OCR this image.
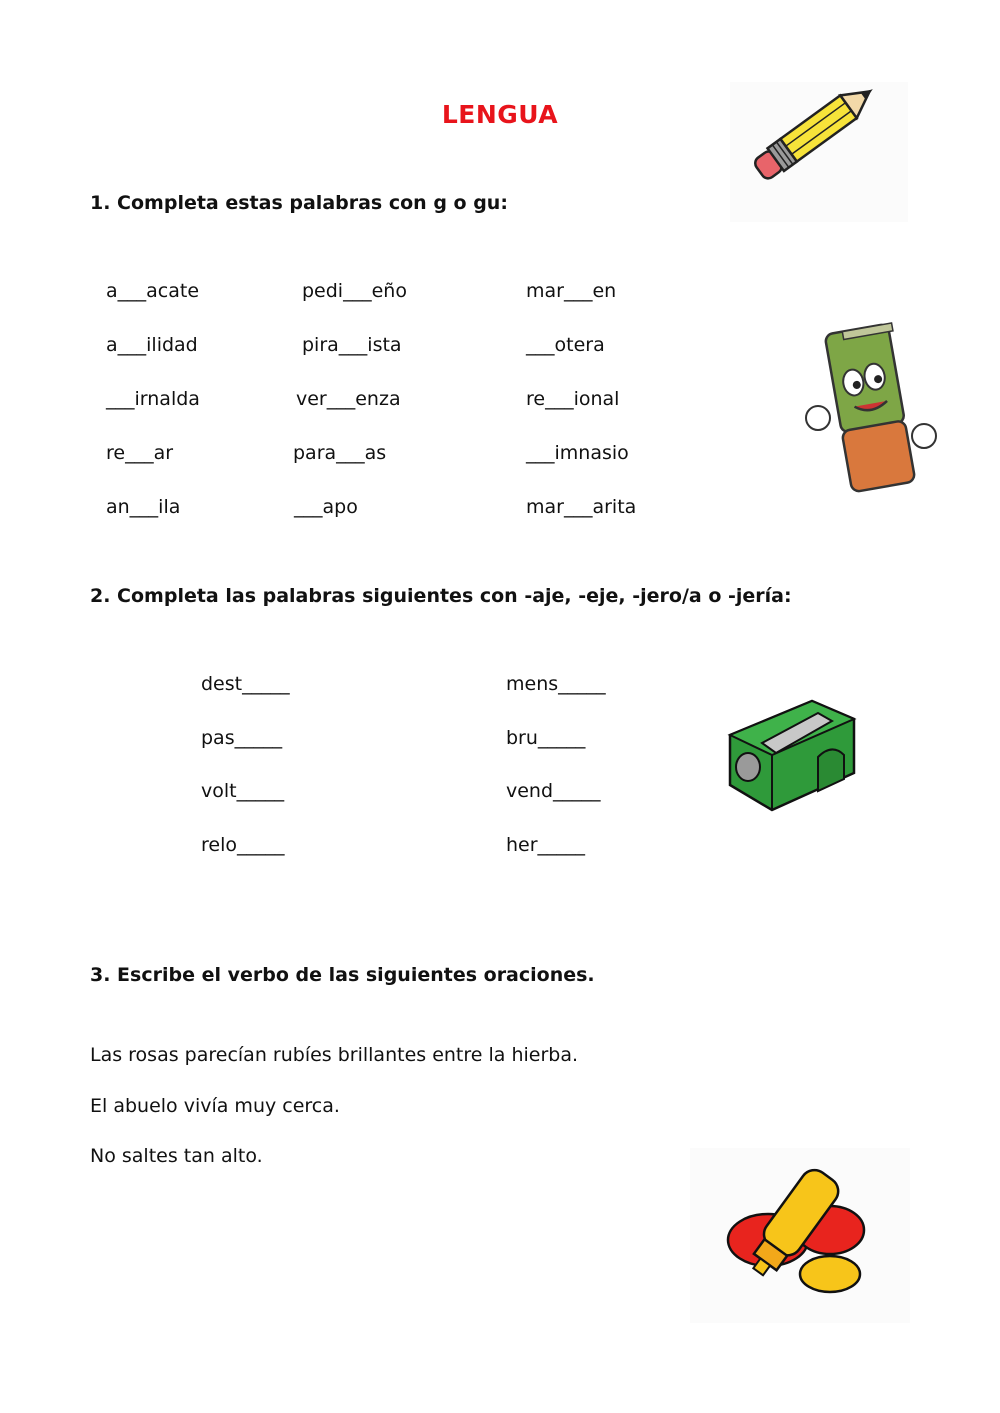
LENGUA
1. Completa estas palabras con g o gu:
a___acate	pedi___eño	mar___en
a___ilidad	pira___ista	___otera
___irnalda	ver___enza	re___ional
re___ar	para___as	___imnasio
an___ila	___apo	mar___arita
2. Completa las palabras siguientes con -aje, -eje, -jero/a o -jería:
dest_____	mens_____
pas_____	bru_____
volt_____	vend_____
relo_____	her_____
3. Escribe el verbo de las siguientes oraciones.
Las rosas parecían rubíes brillantes entre la hierba.
El abuelo vivía muy cerca.
No saltes tan alto.
